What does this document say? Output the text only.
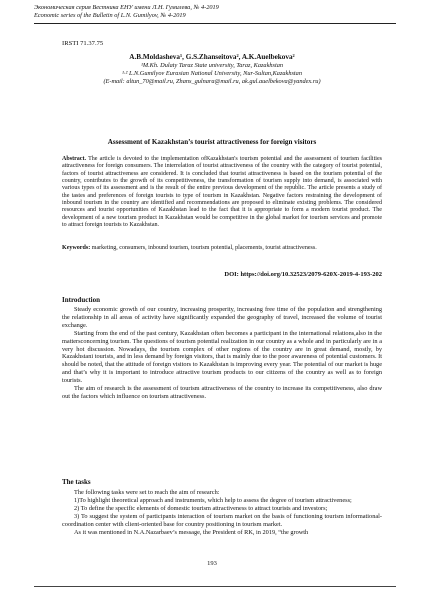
Экономическая серия Вестника ЕНУ имени Л.Н. Гумилева, № 4-2019
Economic series of the Bulletin of L.N. Gumilyov, № 4-2019
IRSTI 71.37.75
A.B.Moldasheva¹, G.S.Zhanseitova², A.K.Auelbekova²
¹M.Kh. Dulaty Taraz State university, Taraz, Kazakhstan
¹·² L.N.Gumilyov Eurasian National University, Nur-Sultan,Kazakhstan
(E-mail: altun_70@mail.ru, Zhans_gulnara@mail.ru, ak.gul.auelbekova@yandex.ru)
Assessment of Kazakhstan’s tourist attractiveness for foreign visitors

Abstract. The article is devoted to the implementation ofKazakhstan's tourism potential and the assessment of tourism facilities attractiveness for foreign consumers. The interrelation of tourist attractiveness of the country with the category of tourist potential, factors of tourist attractiveness are considered. It is concluded that tourist attractiveness is based on the tourism potential of the country, contributes to the growth of its competitiveness, the transformation of tourism supply into demand, is associated with various types of its assessment and is the result of the entire previous development of the republic. The article presents a study of the tastes and preferences of foreign tourists to type of tourism in Kazakhstan. Negative factors restraining the development of inbound tourism in the country are identified and recommendations are proposed to eliminate existing problems. The considered resources and tourist opportunities of Kazakhstan lead to the fact that it is appropriate to form a modern tourist product. The development of a new tourism product in Kazakhstan would be competitive in the global market for tourism services and promote to attract foreign tourists to Kazakhstan.

Keywords: marketing, consumers, inbound tourism, tourism potential, placements, tourist attractiveness.

DOI: https://doi.org/10.32523/2079-620X-2019-4-193-202
Introduction

Steady economic growth of our country, increasing prosperity, increasing free time of the population and strengthening the relationship in all areas of activity have significantly expanded the geography of travel, increased the volume of tourist exchange.

Starting from the end of the past century, Kazakhstan often becomes a participant in the international relations,also in the mattersconcerning tourism. The questions of tourism potential realization in our country as a whole and in particularly are in a very hot discussion. Nowadays, the tourism complex of other regions of the country are in great demand, mostly, by Kazakhstani tourists, and in less demand by foreign visitors, that is mainly due to the poor awareness of potential customers. It should be noted, that the attitude of foreign visitors to Kazakhstan is improving every year. The potential of our market is huge and that’s why it is important to introduce attractive tourism products to our citizens of the country as well as to foreign tourists.

The aim of research is the assessment of tourism attractiveness of the country to increase its competitiveness, also draw out the factors which influence on tourism attractiveness.

The tasks

The following tasks were set to reach the aim of research:

1)To highlight theoretical approach and instruments, which help to assess the degree of tourism attractiveness;

2) To define the specific elements of domestic tourism attractiveness to attract tourists and investors;

3) To suggest the system of participants interaction of tourism market on the basis of functioning tourism informational-coordination center with client-oriented base for country positioning in tourism market.

As it was mentioned in N.A.Nazarbaev’s message, the President of RK, in 2019, “the growth

193
